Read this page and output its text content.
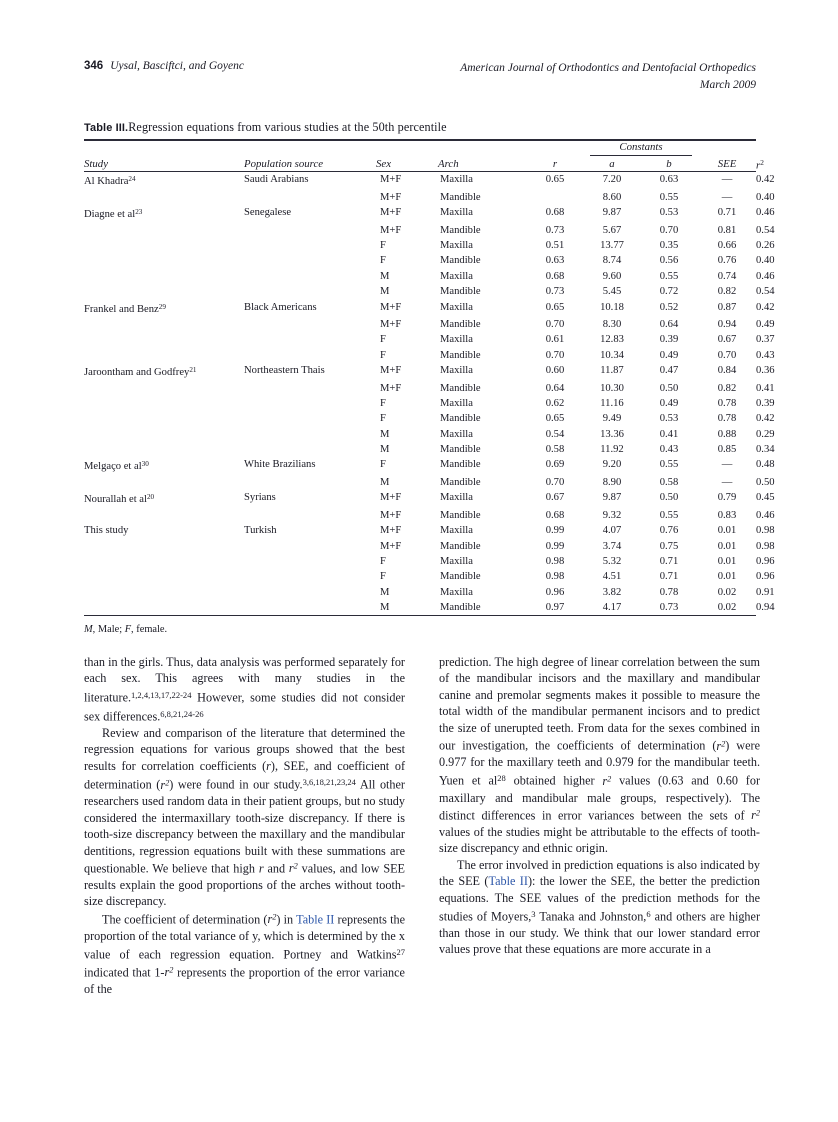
346 Uysal, Basciftci, and Goyenc	American Journal of Orthodontics and Dentofacial Orthopedics
March 2009
Table III.Regression equations from various studies at the 50th percentile

					Constants			

Study	Population source	Sex	Arch	r	a	b	SEE	$r^2$
Al Khadra$^{24}$	Saudi Arabians	M+F	Maxilla	0.65	7.20	0.63	—	0.42
		M+F	Mandible		8.60	0.55	—	0.40
Diagne et $al^{23}$	Senegalese	M+F	Maxilla	0.68	9.87	0.53	0.71	0.46
		M+F	Mandible	0.73	5.67	0.70	0.81	0.54
		F	Maxilla	0.51	13.77	0.35	0.66	0.26
		F	Mandible	0.63	8.74	0.56	0.76	0.40
		M	Maxilla	0.68	9.60	0.55	0.74	0.46
		M	Mandible	0.73	5.45	0.72	0.82	0.54
Frankel and Benz$^{29}$	Black Americans	M+F	Maxilla	0.65	10.18	0.52	0.87	0.42
		M+F	Mandible	0.70	8.30	0.64	0.94	0.49
		F	Maxilla	0.61	12.83	0.39	0.67	0.37
		F	Mandible	0.70	10.34	0.49	0.70	0.43
Jaroontham and Godfrey$^{21}$	Northeastern Thais	M+F	Maxilla	0.60	11.87	0.47	0.84	0.36
		M+F	Mandible	0.64	10.30	0.50	0.82	0.41
		F	Maxilla	0.62	11.16	0.49	0.78	0.39
		F	Mandible	0.65	9.49	0.53	0.78	0.42
		M	Maxilla	0.54	13.36	0.41	0.88	0.29
		M	Mandible	0.58	11.92	0.43	0.85	0.34
Melgaço et $al^{30}$	White Brazilians	F	Mandible	0.69	9.20	0.55	—	0.48
		M	Mandible	0.70	8.90	0.58	—	0.50
Nourallah et $al^{20}$	Syrians	M+F	Maxilla	0.67	9.87	0.50	0.79	0.45
		M+F	Mandible	0.68	9.32	0.55	0.83	0.46
This study	Turkish	M+F	Maxilla	0.99	4.07	0.76	0.01	0.98
		M+F	Mandible	0.99	3.74	0.75	0.01	0.98
		F	Maxilla	0.98	5.32	0.71	0.01	0.96
		F	Mandible	0.98	4.51	0.71	0.01	0.96
		M	Maxilla	0.96	3.82	0.78	0.02	0.91
		M	Mandible	0.97	4.17	0.73	0.02	0.94
M, Male; F, female.

than in the girls. Thus, data analysis was performed separately for each sex. This agrees with many studies in the literature.$^{1,2,4,13,17,22-24}$ However, some studies did not consider sex differences.$^{6,8,21,24-26}$

Review and comparison of the literature that determined the regression equations for various groups showed that the best results for correlation coefficients (r), SEE, and coefficient of determination $(r^2)$ were found in our study.$^{3,6,18,21,23,24}$ All other researchers used random data in their patient groups, but no study considered the intermaxillary tooth-size discrepancy. If there is tooth-size discrepancy between the maxillary and the mandibular dentitions, regression equations built with these summations are questionable. We believe that high r and $r^2$ values, and low SEE results explain the good proportions of the arches without tooth-size discrepancy.

The coefficient of determination $(r^2)$ in Table II represents the proportion of the total variance of y, which is determined by the x value of each regression equation. Portney and Watkins$^{27}$ indicated that $1-r^2$ represents the proportion of the error variance of the

prediction. The high degree of linear correlation between the sum of the mandibular incisors and the maxillary and mandibular canine and premolar segments makes it possible to measure the total width of the mandibular permanent incisors and to predict the size of unerupted teeth. From data for the sexes combined in our investigation, the coefficients of determination $(r^2)$ were 0.977 for the maxillary teeth and 0.979 for the mandibular teeth. Yuen et al$^{28}$ obtained higher $r^2$ values (0.63 and 0.60 for maxillary and mandibular male groups, respectively). The distinct differences in error variances between the sets of $r^2$ values of the studies might be attributable to the effects of tooth-size discrepancy and ethnic origin.

The error involved in prediction equations is also indicated by the SEE (Table II): the lower the SEE, the better the prediction equations. The SEE values of the prediction methods for the studies of Moyers,$^3$ Tanaka and Johnston,$^6$ and others are higher than those in our study. We think that our lower standard error values prove that these equations are more accurate in a
